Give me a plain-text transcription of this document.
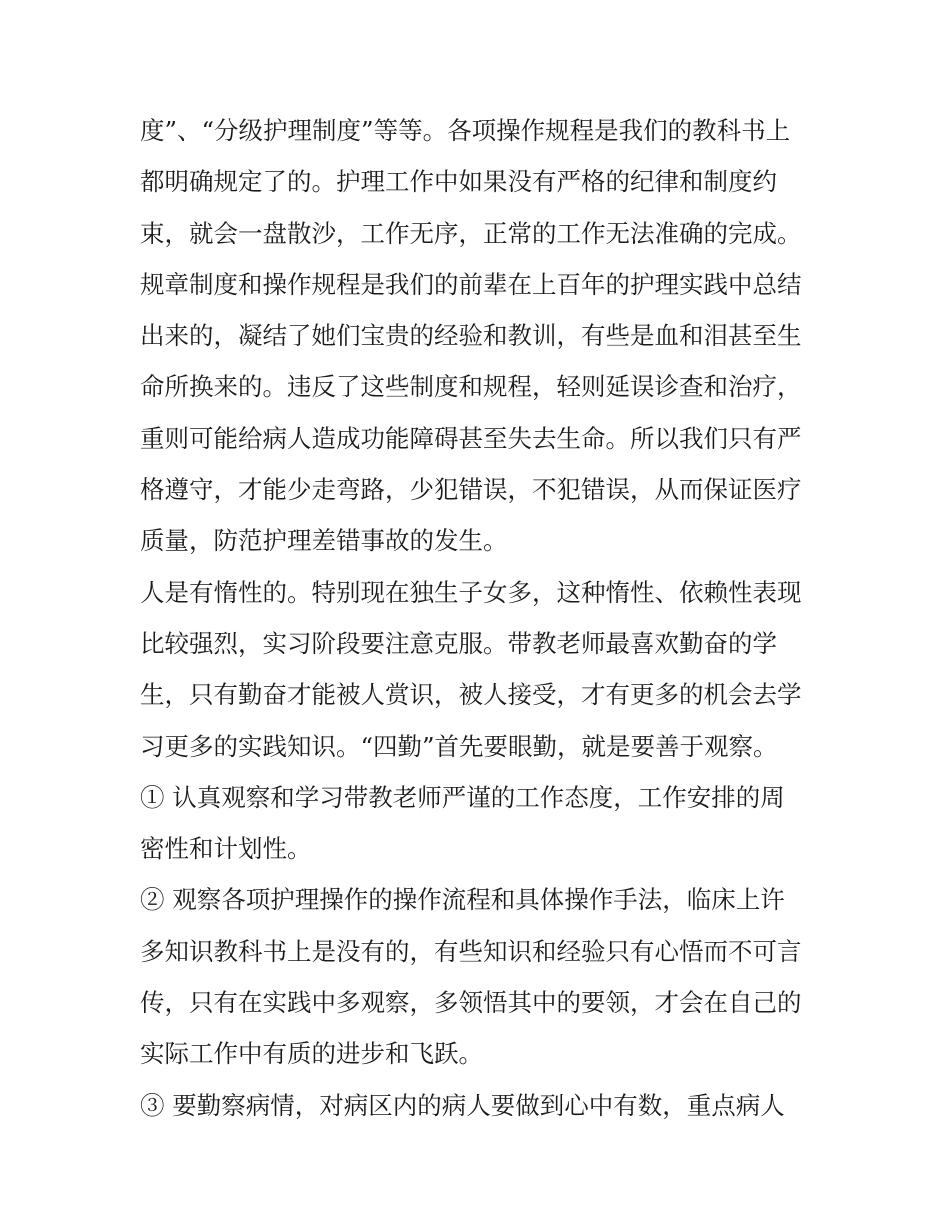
度”、“分级护理制度”等等。各项操作规程是我们的教科书上
都明确规定了的。护理工作中如果没有严格的纪律和制度约
束，就会一盘散沙，工作无序，正常的工作无法准确的完成。
规章制度和操作规程是我们的前辈在上百年的护理实践中总结
出来的，凝结了她们宝贵的经验和教训，有些是血和泪甚至生
命所换来的。违反了这些制度和规程，轻则延误诊查和治疗，
重则可能给病人造成功能障碍甚至失去生命。所以我们只有严
格遵守，才能少走弯路，少犯错误，不犯错误，从而保证医疗
质量，防范护理差错事故的发生。
人是有惰性的。特别现在独生子女多，这种惰性、依赖性表现
比较强烈，实习阶段要注意克服。带教老师最喜欢勤奋的学
生，只有勤奋才能被人赏识，被人接受，才有更多的机会去学
习更多的实践知识。“四勤”首先要眼勤，就是要善于观察。
① 认真观察和学习带教老师严谨的工作态度，工作安排的周
密性和计划性。
② 观察各项护理操作的操作流程和具体操作手法，临床上许
多知识教科书上是没有的，有些知识和经验只有心悟而不可言
传，只有在实践中多观察，多领悟其中的要领，才会在自己的
实际工作中有质的进步和飞跃。
③ 要勤察病情，对病区内的病人要做到心中有数，重点病人
